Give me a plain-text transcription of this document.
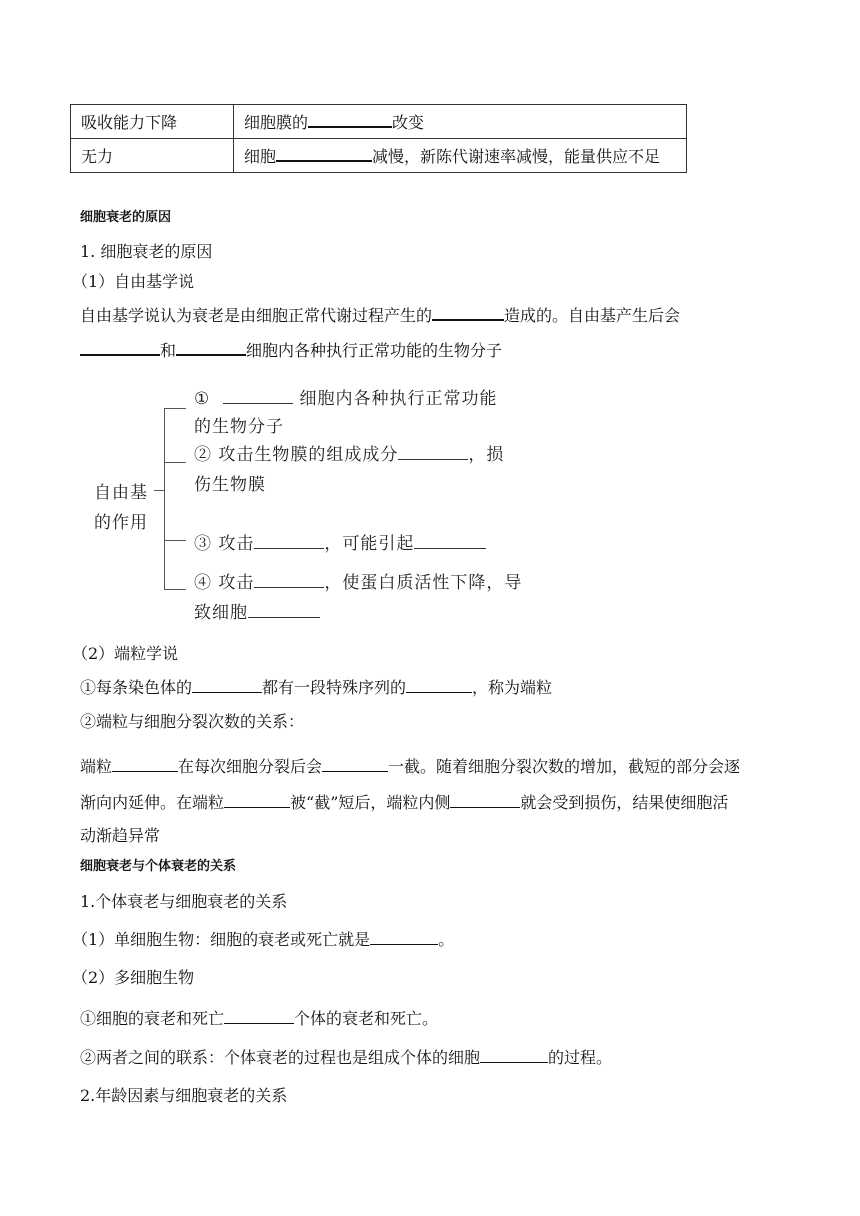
吸收能力下降	细胞膜的 改变
无力	细胞 减慢，新陈代谢速率减慢，能量供应不足
细胞衰老的原因
1. 细胞衰老的原因
（1）自由基学说
自由基学说认为衰老是由细胞正常代谢过程产生的	造成的。自由基产生后会
和	细胞内各种执行正常功能的生物分子
自由基
的作用
①	细胞内各种执行正常功能
的生物分子
② 攻击生物膜的组成成分	，损
伤生物膜
③ 攻击	，可能引起
④ 攻击	，使蛋白质活性下降，导
致细胞
（2）端粒学说
①每条染色体的	都有一段特殊序列的	，称为端粒
②端粒与细胞分裂次数的关系：
端粒	在每次细胞分裂后会	一截。随着细胞分裂次数的增加，截短的部分会逐
渐向内延伸。在端粒	被“截”短后，端粒内侧	就会受到损伤，结果使细胞活
动渐趋异常
细胞衰老与个体衰老的关系
1.个体衰老与细胞衰老的关系
（1）单细胞生物：细胞的衰老或死亡就是	。
（2）多细胞生物
①细胞的衰老和死亡	个体的衰老和死亡。
②两者之间的联系：个体衰老的过程也是组成个体的细胞	的过程。
2.年龄因素与细胞衰老的关系
